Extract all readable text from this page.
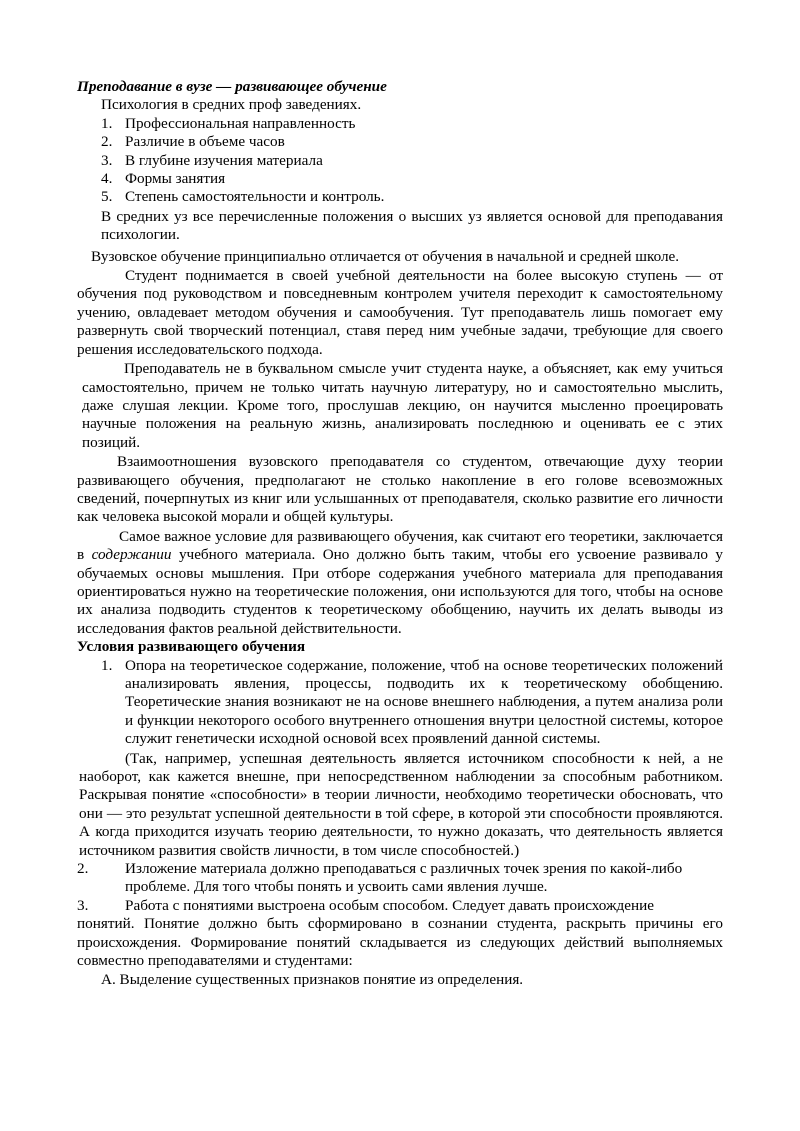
Преподавание в вузе — развивающее обучение

Психология в средних проф заведениях.

1. Профессиональная направленность
2. Различие в объеме часов
3. В глубине изучения материала
4. Формы занятия
5. Степень самостоятельности и контроль.

В средних уз все перечисленные положения о высших уз является основой для преподавания психологии.

Вузовское обучение принципиально отличается от обучения в начальной и средней школе.

Студент поднимается в своей учебной деятельности на более высокую ступень — от обучения под руководством и повседневным контролем учителя переходит к самостоятельному учению, овладевает методом обучения и самообучения. Тут преподаватель лишь помогает ему развернуть свой творческий потенциал, ставя перед ним учебные задачи, требующие для своего решения исследовательского подхода.

Преподаватель не в буквальном смысле учит студента науке, а объясняет, как ему учиться самостоятельно, причем не только читать научную литературу, но и самостоятельно мыслить, даже слушая лекции. Кроме того, прослушав лекцию, он научится мысленно проецировать научные положения на реальную жизнь, анализировать последнюю и оценивать ее с этих позиций.

Взаимоотношения вузовского преподавателя со студентом, отвечающие духу теории развивающего обучения, предполагают не столько накопление в его голове всевозможных сведений, почерпнутых из книг или услышанных от преподавателя, сколько развитие его личности как человека высокой морали и общей культуры.

Самое важное условие для развивающего обучения, как считают его теоретики, заключается в содержании учебного материала. Оно должно быть таким, чтобы его усвоение развивало у обучаемых основы мышления. При отборе содержания учебного материала для преподавания ориентироваться нужно на теоретические положения, они используются для того, чтобы на основе их анализа подводить студентов к теоретическому обобщению, научить их делать выводы из исследования фактов реальной действительности.

Условия развивающего обучения

1. Опора на теоретическое содержание, положение, чтоб на основе теоретических положений анализировать явления, процессы, подводить их к теоретическому обобщению. Теоретические знания возникают не на основе внешнего наблюдения, а путем анализа роли и функции некоторого особого внутреннего отношения внутри целостной системы, которое служит генетически исходной основой всех проявлений данной системы.

(Так, например, успешная деятельность является источником способности к ней, а не наоборот, как кажется внешне, при непосредственном наблюдении за способным работником. Раскрывая понятие «способности» в теории личности, необходимо теоретически обосновать, что они — это результат успешной деятельности в той сфере, в которой эти способности проявляются. А когда приходится изучать теорию деятельности, то нужно доказать, что деятельность является источником развития свойств личности, в том числе способностей.)

2.	Изложение материала должно преподаваться с различных точек зрения по какой-либо проблеме. Для того чтобы понять и усвоить сами явления лучше.
3.	Работа с понятиями выстроена особым способом. Следует давать происхождение

понятий. Понятие должно быть сформировано в сознании студента, раскрыть причины его происхождения. Формирование понятий складывается из следующих действий выполняемых совместно преподавателями и студентами:

А. Выделение существенных признаков понятие из определения.
